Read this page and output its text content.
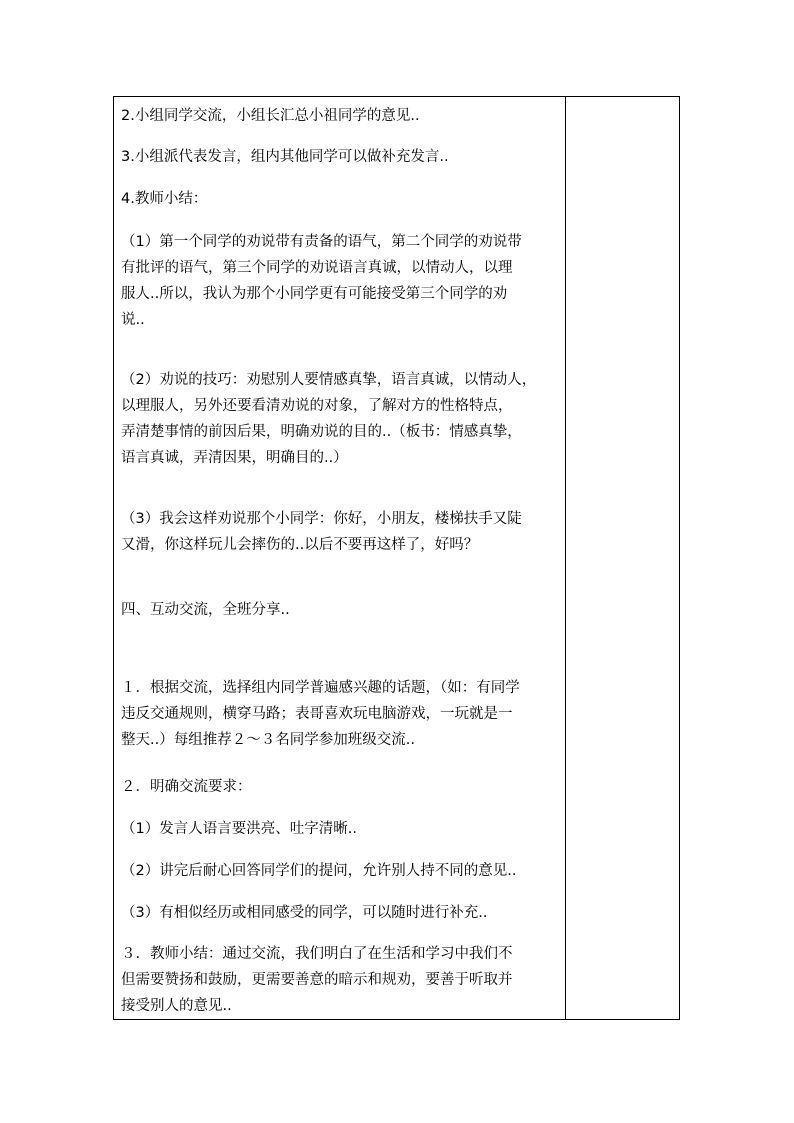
2.小组同学交流，小组长汇总小祖同学的意见..
3.小组派代表发言，组内其他同学可以做补充发言..
4.教师小结：
（1）第一个同学的劝说带有责备的语气，第二个同学的劝说带
有批评的语气，第三个同学的劝说语言真诚，以情动人，以理
服人..所以，我认为那个小同学更有可能接受第三个同学的劝
说..
（2）劝说的技巧：劝慰别人要情感真挚，语言真诚，以情动人，
以理服人，另外还要看清劝说的对象，了解对方的性格特点，
弄清楚事情的前因后果，明确劝说的目的..（板书：情感真挚，
语言真诚，弄清因果，明确目的..）
（3）我会这样劝说那个小同学：你好，小朋友，楼梯扶手又陡
又滑，你这样玩儿会摔伤的..以后不要再这样了，好吗？
四、互动交流，全班分享..
１．根据交流，选择组内同学普遍感兴趣的话题，（如：有同学
违反交通规则，横穿马路；表哥喜欢玩电脑游戏，一玩就是一
整天..）每组推荐２～３名同学参加班级交流..
２．明确交流要求：
（1）发言人语言要洪亮、吐字清晰..
（2）讲完后耐心回答同学们的提问，允许别人持不同的意见..
（3）有相似经历或相同感受的同学，可以随时进行补充..
３．教师小结：通过交流，我们明白了在生活和学习中我们不
但需要赞扬和鼓励，更需要善意的暗示和规劝，要善于听取并
接受别人的意见..
